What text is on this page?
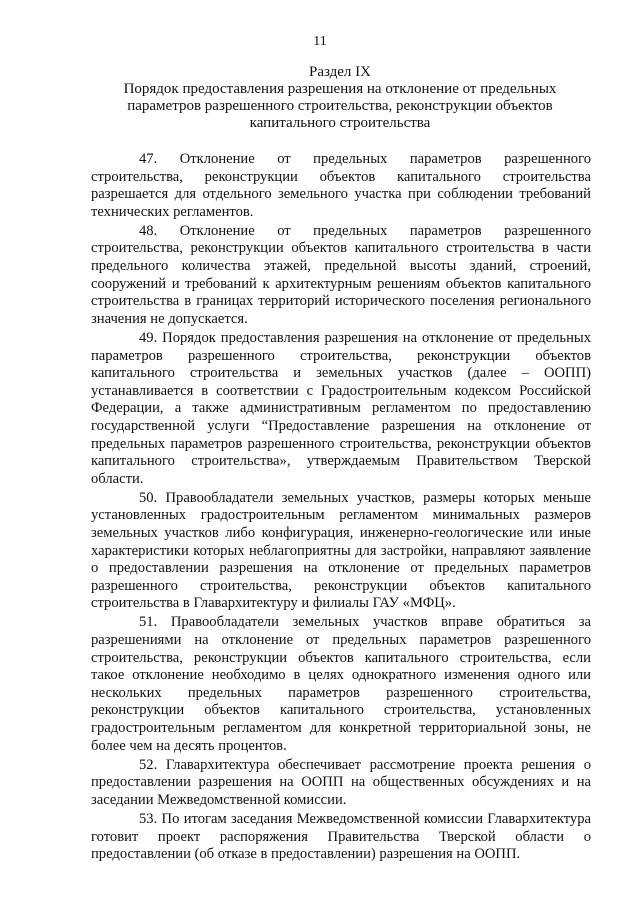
11
Раздел IX
Порядок предоставления разрешения на отклонение от предельных
параметров разрешенного строительства, реконструкции объектов
капитального строительства

47. Отклонение от предельных параметров разрешенного строительства, реконструкции объектов капитального строительства разрешается для отдельного земельного участка при соблюдении требований технических регламентов.

48. Отклонение от предельных параметров разрешенного строительства, реконструкции объектов капитального строительства в части предельного количества этажей, предельной высоты зданий, строений, сооружений и требований к архитектурным решениям объектов капитального строительства в границах территорий исторического поселения регионального значения не допускается.

49. Порядок предоставления разрешения на отклонение от предельных параметров разрешенного строительства, реконструкции объектов капитального строительства и земельных участков (далее – ООПП) устанавливается в соответствии с Градостроительным кодексом Российской Федерации, а также административным регламентом по предоставлению государственной услуги “Предоставление разрешения на отклонение от предельных параметров разрешенного строительства, реконструкции объектов капитального строительства», утверждаемым Правительством Тверской области.

50. Правообладатели земельных участков, размеры которых меньше установленных градостроительным регламентом минимальных размеров земельных участков либо конфигурация, инженерно-геологические или иные характеристики которых неблагоприятны для застройки, направляют заявление о предоставлении разрешения на отклонение от предельных параметров разрешенного строительства, реконструкции объектов капитального строительства в Главархитектуру и филиалы ГАУ «МФЦ».

51. Правообладатели земельных участков вправе обратиться за разрешениями на отклонение от предельных параметров разрешенного строительства, реконструкции объектов капитального строительства, если такое отклонение необходимо в целях однократного изменения одного или нескольких предельных параметров разрешенного строительства, реконструкции объектов капитального строительства, установленных градостроительным регламентом для конкретной территориальной зоны, не более чем на десять процентов.

52. Главархитектура обеспечивает рассмотрение проекта решения о предоставлении разрешения на ООПП на общественных обсуждениях и на заседании Межведомственной комиссии.

53. По итогам заседания Межведомственной комиссии Главархитектура готовит проект распоряжения Правительства Тверской области о предоставлении (об отказе в предоставлении) разрешения на ООПП.
